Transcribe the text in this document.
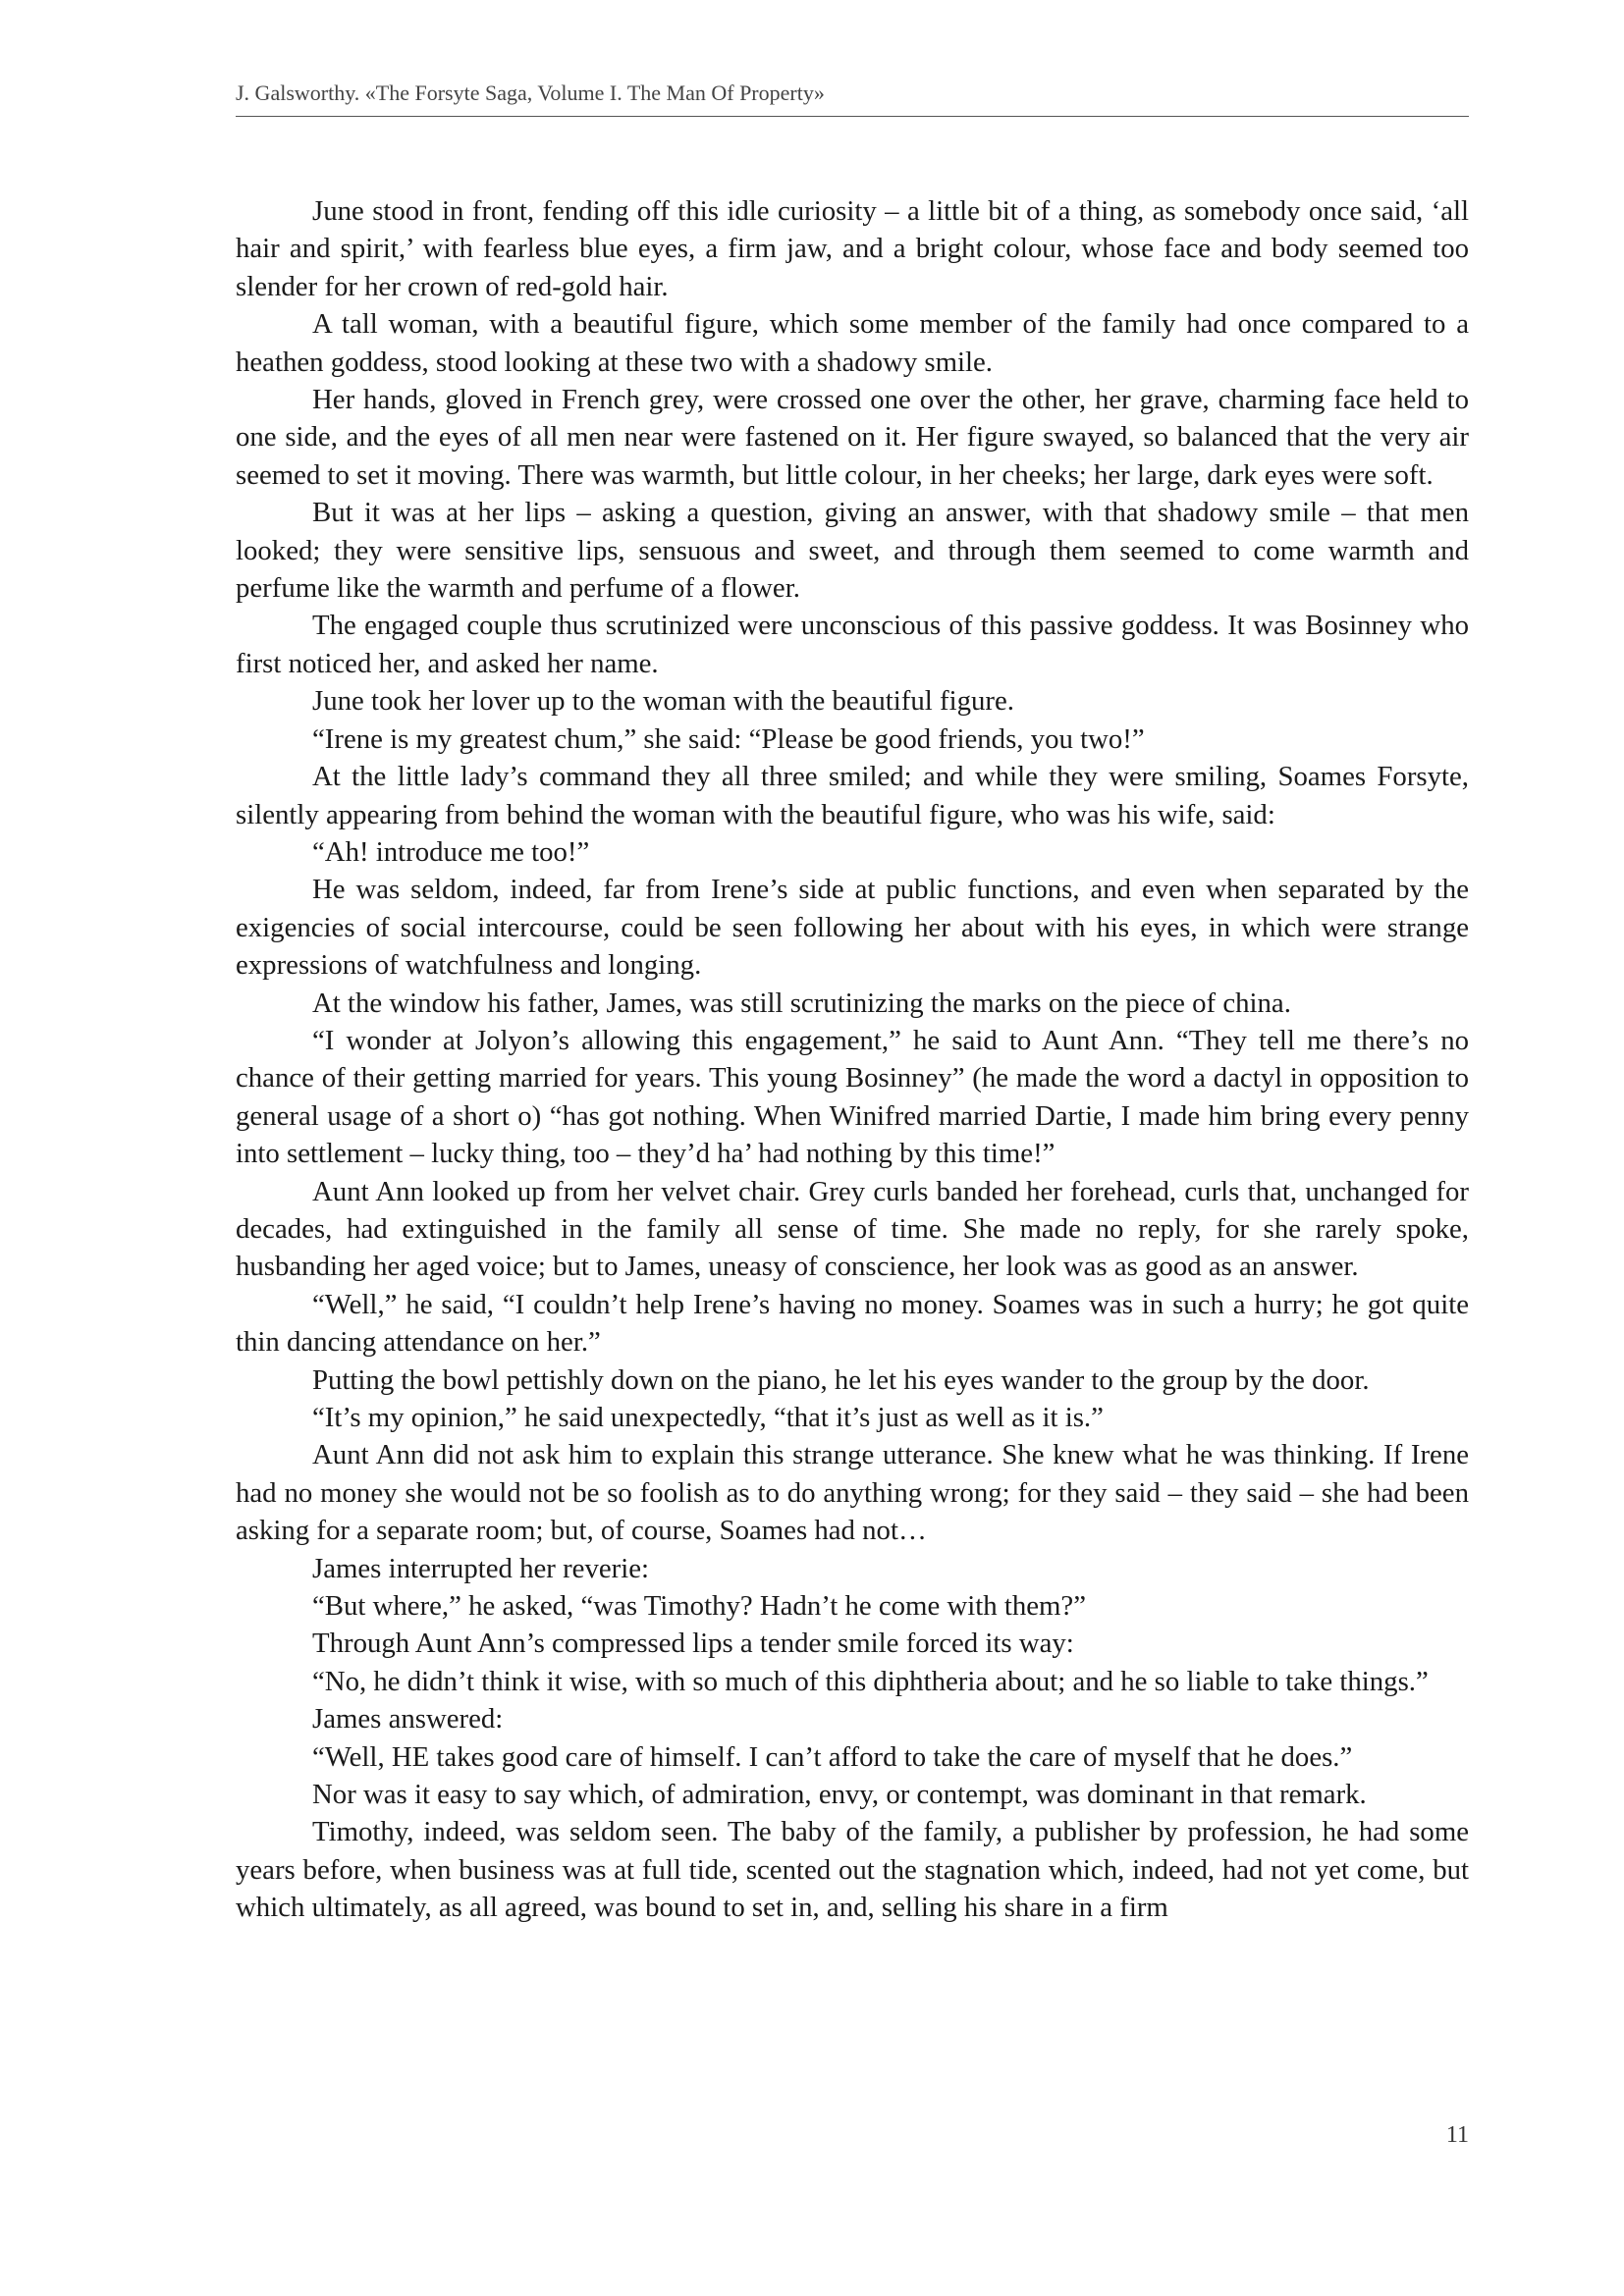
J. Galsworthy. «The Forsyte Saga, Volume I. The Man Of Property»

June stood in front, fending off this idle curiosity – a little bit of a thing, as somebody once said, ‘all hair and spirit,’ with fearless blue eyes, a firm jaw, and a bright colour, whose face and body seemed too slender for her crown of red-gold hair.

A tall woman, with a beautiful figure, which some member of the family had once compared to a heathen goddess, stood looking at these two with a shadowy smile.

Her hands, gloved in French grey, were crossed one over the other, her grave, charming face held to one side, and the eyes of all men near were fastened on it. Her figure swayed, so balanced that the very air seemed to set it moving. There was warmth, but little colour, in her cheeks; her large, dark eyes were soft.

But it was at her lips – asking a question, giving an answer, with that shadowy smile – that men looked; they were sensitive lips, sensuous and sweet, and through them seemed to come warmth and perfume like the warmth and perfume of a flower.

The engaged couple thus scrutinized were unconscious of this passive goddess. It was Bosinney who first noticed her, and asked her name.

June took her lover up to the woman with the beautiful figure.

“Irene is my greatest chum,” she said: “Please be good friends, you two!”

At the little lady’s command they all three smiled; and while they were smiling, Soames Forsyte, silently appearing from behind the woman with the beautiful figure, who was his wife, said:

“Ah! introduce me too!”

He was seldom, indeed, far from Irene’s side at public functions, and even when separated by the exigencies of social intercourse, could be seen following her about with his eyes, in which were strange expressions of watchfulness and longing.

At the window his father, James, was still scrutinizing the marks on the piece of china.

“I wonder at Jolyon’s allowing this engagement,” he said to Aunt Ann. “They tell me there’s no chance of their getting married for years. This young Bosinney” (he made the word a dactyl in opposition to general usage of a short o) “has got nothing. When Winifred married Dartie, I made him bring every penny into settlement – lucky thing, too – they’d ha’ had nothing by this time!”

Aunt Ann looked up from her velvet chair. Grey curls banded her forehead, curls that, unchanged for decades, had extinguished in the family all sense of time. She made no reply, for she rarely spoke, husbanding her aged voice; but to James, uneasy of conscience, her look was as good as an answer.

“Well,” he said, “I couldn’t help Irene’s having no money. Soames was in such a hurry; he got quite thin dancing attendance on her.”

Putting the bowl pettishly down on the piano, he let his eyes wander to the group by the door.

“It’s my opinion,” he said unexpectedly, “that it’s just as well as it is.”

Aunt Ann did not ask him to explain this strange utterance. She knew what he was thinking. If Irene had no money she would not be so foolish as to do anything wrong; for they said – they said – she had been asking for a separate room; but, of course, Soames had not…

James interrupted her reverie:

“But where,” he asked, “was Timothy? Hadn’t he come with them?”

Through Aunt Ann’s compressed lips a tender smile forced its way:

“No, he didn’t think it wise, with so much of this diphtheria about; and he so liable to take things.”

James answered:

“Well, HE takes good care of himself. I can’t afford to take the care of myself that he does.”

Nor was it easy to say which, of admiration, envy, or contempt, was dominant in that remark.

Timothy, indeed, was seldom seen. The baby of the family, a publisher by profession, he had some years before, when business was at full tide, scented out the stagnation which, indeed, had not yet come, but which ultimately, as all agreed, was bound to set in, and, selling his share in a firm

11
